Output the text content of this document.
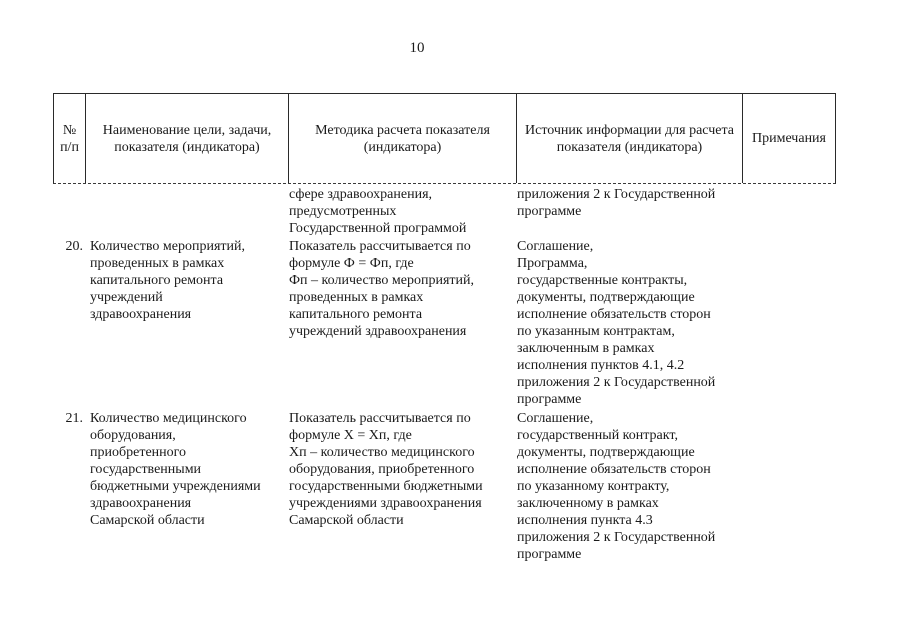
10
№
п/п
Наименование цели, задачи, показателя (индикатора)
Методика расчета показателя (индикатора)
Источник информации для расчета показателя (индикатора)
Примечания
сфере здравоохранения,
предусмотренных
Государственной программой
приложения 2 к Государственной
программе
20. Количество мероприятий,
проведенных в рамках
капитального ремонта
учреждений
здравоохранения
Показатель рассчитывается по
формуле Ф = Фп, где
Фп – количество мероприятий,
проведенных в рамках
капитального ремонта
учреждений здравоохранения
Соглашение,
Программа,
государственные контракты,
документы, подтверждающие
исполнение обязательств сторон
по указанным контрактам,
заключенным в рамках
исполнения пунктов 4.1, 4.2
приложения 2 к Государственной
программе
21. Количество медицинского
оборудования,
приобретенного
государственными
бюджетными учреждениями
здравоохранения
Самарской области
Показатель рассчитывается по
формуле Х = Хп, где
Хп – количество медицинского
оборудования, приобретенного
государственными бюджетными
учреждениями здравоохранения
Самарской области
Соглашение,
государственный контракт,
документы, подтверждающие
исполнение обязательств сторон
по указанному контракту,
заключенному в рамках
исполнения пункта 4.3
приложения 2 к Государственной
программе
